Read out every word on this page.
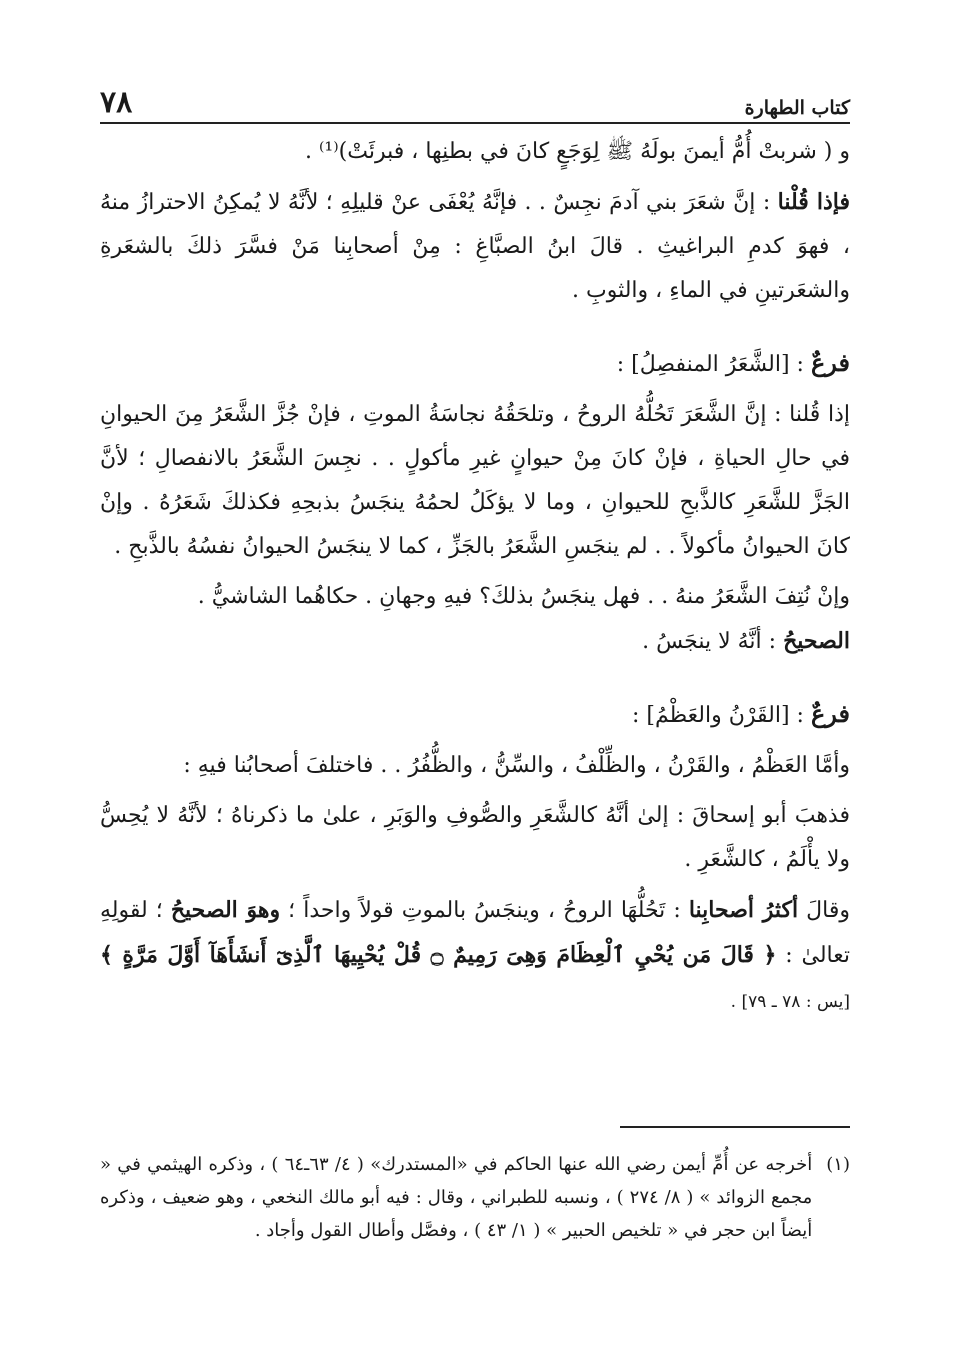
كتاب الطهارة
٧٨

و ( شربتْ أُمُّ أيمنَ بولَهُ ﷺ لِوَجَعٍ كانَ في بطنِها ، فبرئَتْ)⁽¹⁾ .

فإذا قُلْنا : إنَّ شعَرَ بني آدمَ نجِسٌ . . فإنَّهُ يُعْفَى عنْ قليلِهِ ؛ لأنَّهُ لا يُمكِنُ الاحترازُ منهُ ، فهوَ كدمِ البراغيثِ . قالَ ابنُ الصبَّاغِ : مِنْ أصحابِنا مَنْ فسَّرَ ذلكَ بالشعَرةِ والشعَرتينِ في الماءِ ، والثوبِ .

فرعٌ : [الشَّعَرُ المنفصِلُ] :

إذا قُلنا : إنَّ الشَّعَرَ تَحُلُّهُ الروحُ ، وتلحَقُهُ نجاسَةُ الموتِ ، فإنْ جُزَّ الشَّعَرُ مِنَ الحيوانِ في حالِ الحياةِ ، فإنْ كانَ مِنْ حيوانٍ غيرِ مأكولٍ . . نجِسَ الشَّعَرُ بالانفصالِ ؛ لأنَّ الجَزَّ للشَّعَرِ كالذَّبحِ للحيوانِ ، وما لا يؤكَلُ لحمُهُ ينجَسُ بذبحِهِ فكذلكَ شَعَرُهُ . وإنْ كانَ الحيوانُ مأكولاً . . لم ينجَسِ الشَّعَرُ بالجَزِّ ، كما لا ينجَسُ الحيوانُ نفسُهُ بالذَّبحِ .

وإنْ نُتِفَ الشَّعَرُ منهُ . . فهل ينجَسُ بذلكَ؟ فيهِ وجهانِ . حكاهُما الشاشيُّ .
الصحيحُ : أنَّهُ لا ينجَسُ .

فرعٌ : [القَرْنُ والعَظْمُ] :

وأمَّا العَظْمُ ، والقَرْنُ ، والظِّلْفُ ، والسِّنُّ ، والظُّفُرُ . . فاختلفَ أصحابُنا فيهِ :

فذهبَ أبو إسحاقَ : إلىٰ أنَّهُ كالشَّعَرِ والصُّوفِ والوَبَرِ ، علىٰ ما ذكرناهُ ؛ لأنَّهُ لا يُحِسُّ ولا يأْلَمُ ، كالشَّعَرِ .

وقالَ أكثرُ أصحابِنا : تَحُلُّهَا الروحُ ، وينجَسُ بالموتِ قولاً واحداً ؛ وهوَ الصحيحُ ؛ لقولِهِ تعالىٰ : ﴿ قَالَ مَن يُحْيِ ٱلْعِظَامَ وَهِىَ رَمِيمٌ ۝ قُلْ يُحْيِيهَا ٱلَّذِىٓ أَنشَأَهَآ أَوَّلَ مَرَّةٍ ﴾ [يس : ٧٨ ـ ٧٩] .

(١)
أخرجه عن أُمِّ أيمن رضي الله عنها الحاكم في «المستدرك» ( ٤/ ٦٣ـ٦٤ ) ، وذكره الهيثمي في « مجمع الزوائد » ( ٨/ ٢٧٤ ) ، ونسبه للطبراني ، وقال : فيه أبو مالك النخعي ، وهو ضعيف ، وذكره أيضاً ابن حجر في « تلخيص الحبير » ( ١/ ٤٣ ) ، وفصَّل وأطال القول وأجاد .
